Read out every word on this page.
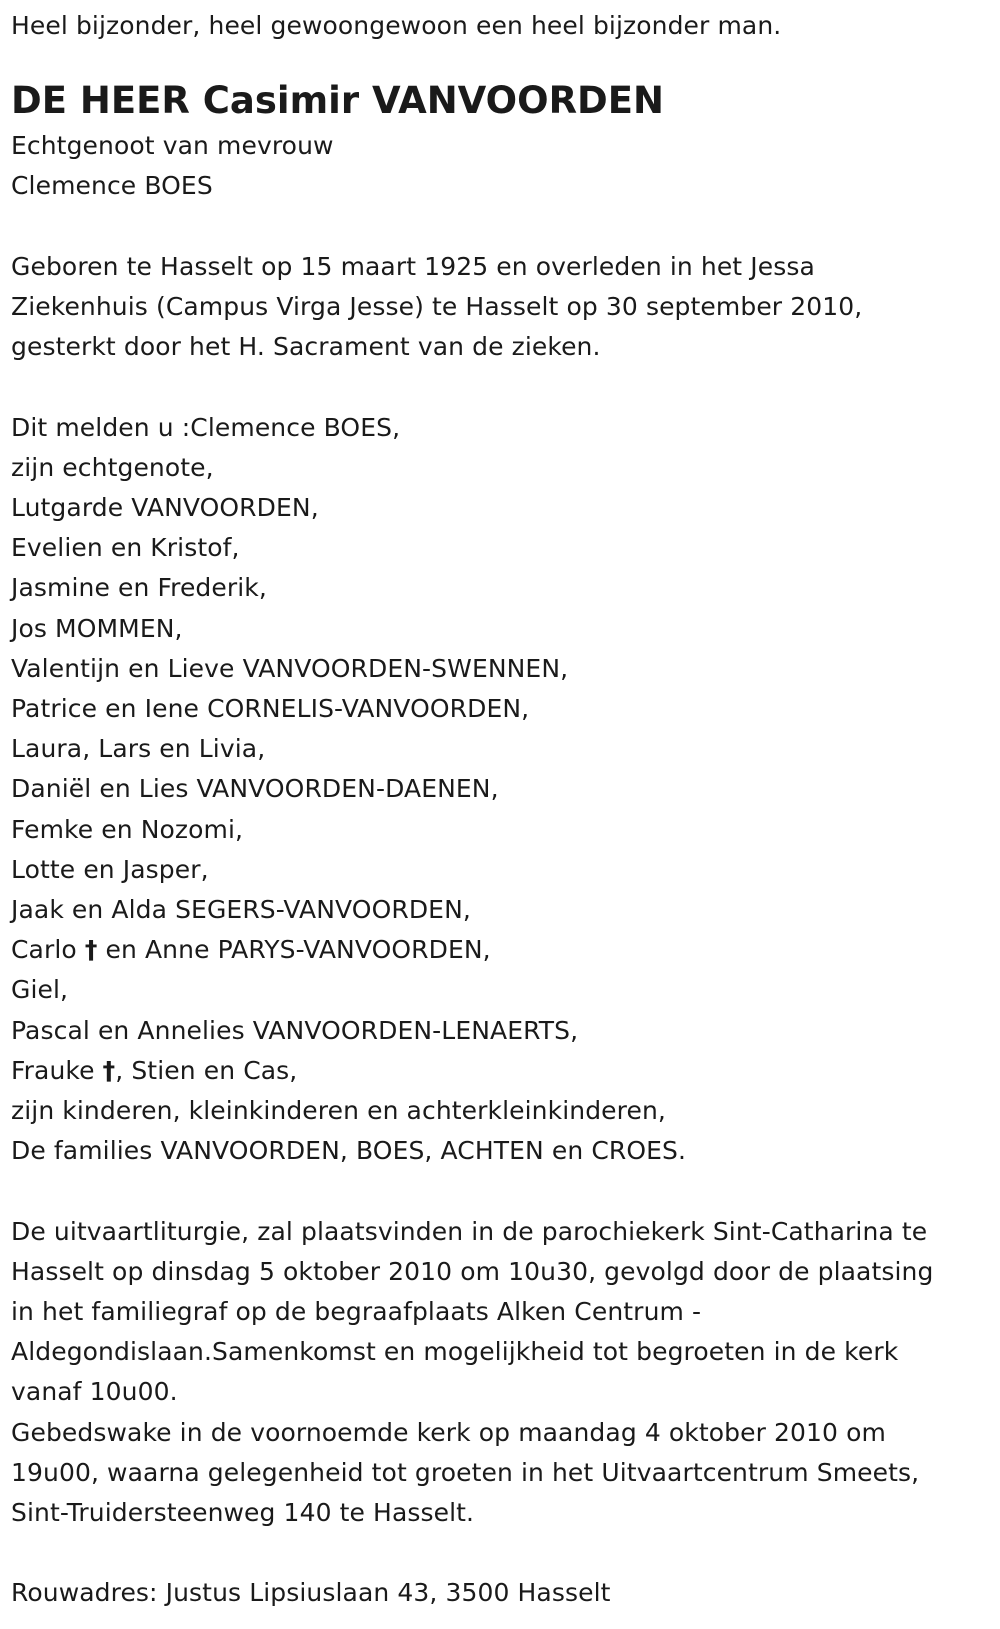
Heel bijzonder, heel gewoongewoon een heel bijzonder man.
DE HEER Casimir VANVOORDEN
Echtgenoot van mevrouw
Clemence BOES
Geboren te Hasselt op 15 maart 1925 en overleden in het Jessa
Ziekenhuis (Campus Virga Jesse) te Hasselt op 30 september 2010,
gesterkt door het H. Sacrament van de zieken.
Dit melden u :Clemence BOES,
zijn echtgenote,
Lutgarde VANVOORDEN,
Evelien en Kristof,
Jasmine en Frederik,
Jos MOMMEN,
Valentijn en Lieve VANVOORDEN-SWENNEN,
Patrice en Iene CORNELIS-VANVOORDEN,
Laura, Lars en Livia,
Daniël en Lies VANVOORDEN-DAENEN,
Femke en Nozomi,
Lotte en Jasper,
Jaak en Alda SEGERS-VANVOORDEN,
Carlo † en Anne PARYS-VANVOORDEN,
Giel,
Pascal en Annelies VANVOORDEN-LENAERTS,
Frauke †, Stien en Cas,
zijn kinderen, kleinkinderen en achterkleinkinderen,
De families VANVOORDEN, BOES, ACHTEN en CROES.
De uitvaartliturgie, zal plaatsvinden in de parochiekerk Sint-Catharina te
Hasselt op dinsdag 5 oktober 2010 om 10u30, gevolgd door de plaatsing
in het familiegraf op de begraafplaats Alken Centrum -
Aldegondislaan.Samenkomst en mogelijkheid tot begroeten in de kerk
vanaf 10u00.
Gebedswake in de voornoemde kerk op maandag 4 oktober 2010 om
19u00, waarna gelegenheid tot groeten in het Uitvaartcentrum Smeets,
Sint-Truidersteenweg 140 te Hasselt.
Rouwadres: Justus Lipsiuslaan 43, 3500 Hasselt
